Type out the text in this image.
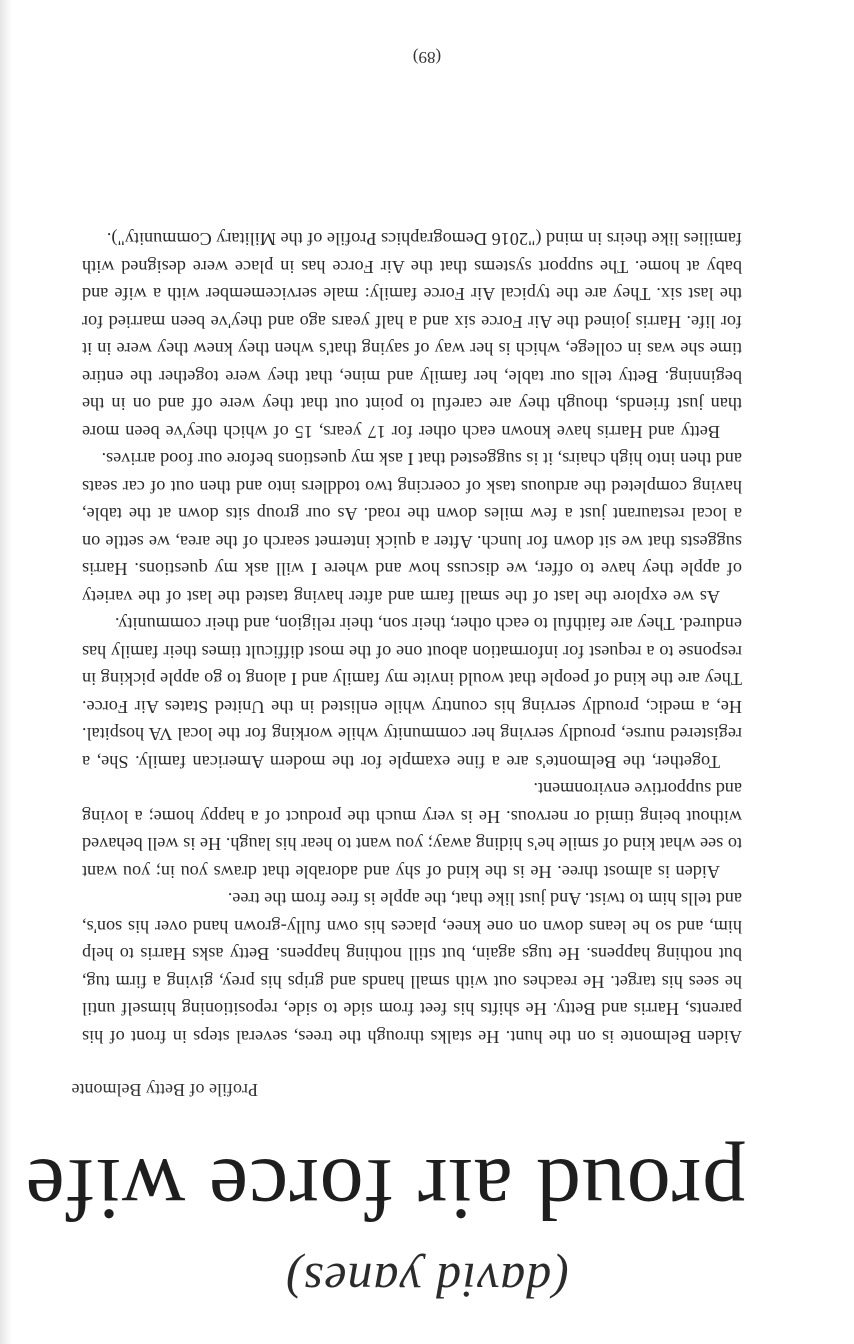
(david yanes)
proud air force wife
Profile of Betty Belmonte

Aiden Belmonte is on the hunt. He stalks through the trees, several steps in front of his parents, Harris and Betty. He shifts his feet from side to side, repositioning himself until he sees his target. He reaches out with small hands and grips his prey, giving a firm tug, but nothing happens. He tugs again, but still nothing happens. Betty asks Harris to help him, and so he leans down on one knee, places his own fully-grown hand over his son's, and tells him to twist. And just like that, the apple is free from the tree.

Aiden is almost three. He is the kind of shy and adorable that draws you in; you want to see what kind of smile he's hiding away; you want to hear his laugh. He is well behaved without being timid or nervous. He is very much the product of a happy home; a loving and supportive environment.

Together, the Belmonte's are a fine example for the modern American family. She, a registered nurse, proudly serving her community while working for the local VA hospital. He, a medic, proudly serving his country while enlisted in the United States Air Force. They are the kind of people that would invite my family and I along to go apple picking in response to a request for information about one of the most difficult times their family has endured. They are faithful to each other, their son, their religion, and their community.

As we explore the last of the small farm and after having tasted the last of the variety of apple they have to offer, we discuss how and where I will ask my questions. Harris suggests that we sit down for lunch. After a quick internet search of the area, we settle on a local restaurant just a few miles down the road. As our group sits down at the table, having completed the arduous task of coercing two toddlers into and then out of car seats and then into high chairs, it is suggested that I ask my questions before our food arrives.

Betty and Harris have known each other for 17 years, 15 of which they've been more than just friends, though they are careful to point out that they were off and on in the beginning. Betty tells our table, her family and mine, that they were together the entire time she was in college, which is her way of saying that's when they knew they were in it for life. Harris joined the Air Force six and a half years ago and they've been married for the last six. They are the typical Air Force family: male servicemember with a wife and baby at home. The support systems that the Air Force has in place were designed with families like theirs in mind ("2016 Demographics Profile of the Military Community").

(89)
